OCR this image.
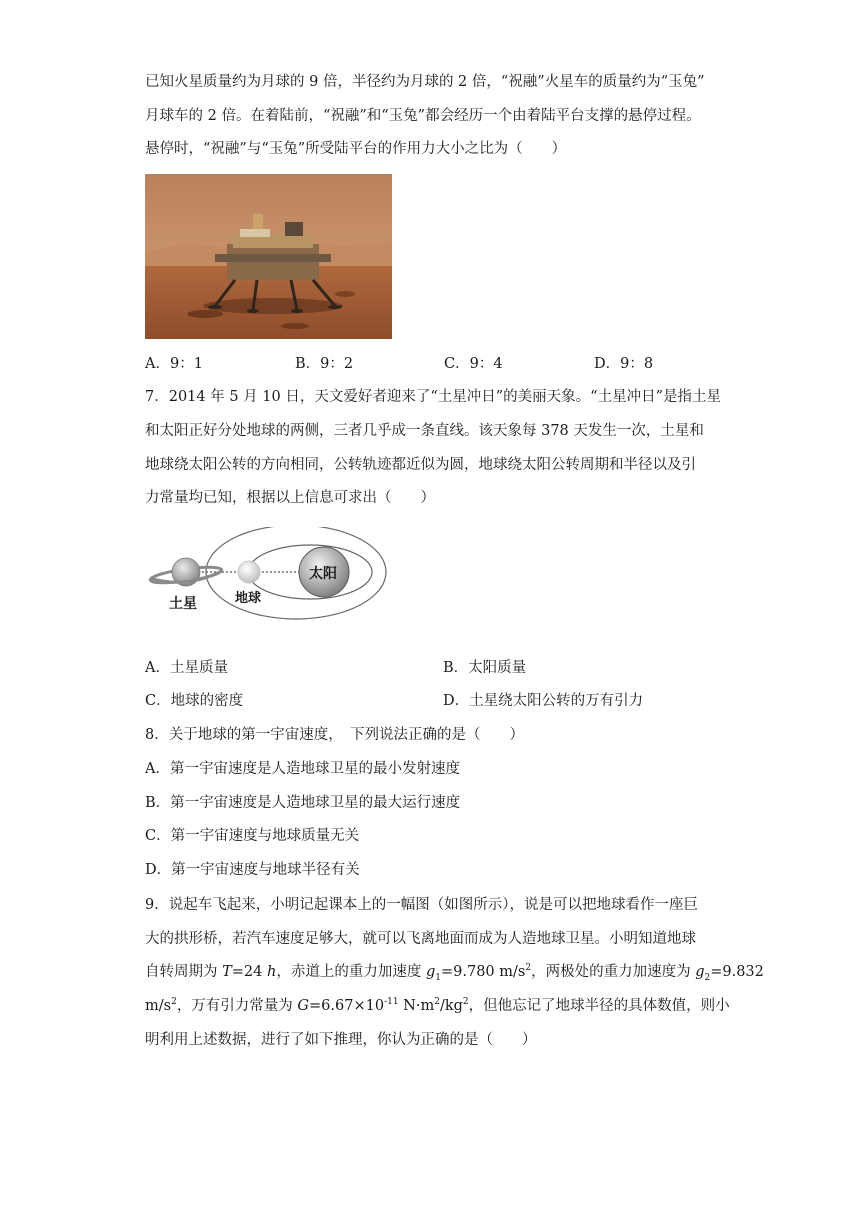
已知火星质量约为月球的 9 倍，半径约为月球的 2 倍，“祝融”火星车的质量约为“玉兔”
月球车的 2 倍。在着陆前，“祝融”和“玉兔”都会经历一个由着陆平台支撑的悬停过程。
悬停时，“祝融”与“玉兔”所受陆平台的作用力大小之比为（　　）
A．9：1	B．9：2	C．9：4	D．9：8
7．2014 年 5 月 10 日，天文爱好者迎来了“土星冲日”的美丽天象。“土星冲日”是指土星
和太阳正好分处地球的两侧，三者几乎成一条直线。该天象每 378 天发生一次，土星和
地球绕太阳公转的方向相同，公转轨迹都近似为圆，地球绕太阳公转周期和半径以及引
力常量均已知，根据以上信息可求出（　　）
土星	地球
太阳
A．土星质量	B．太阳质量
C．地球的密度	D．土星绕太阳公转的万有引力
8．关于地球的第一宇宙速度，　下列说法正确的是（　　）
A．第一宇宙速度是人造地球卫星的最小发射速度
B．第一宇宙速度是人造地球卫星的最大运行速度
C．第一宇宙速度与地球质量无关
D．第一宇宙速度与地球半径有关
9．说起车飞起来，小明记起课本上的一幅图（如图所示），说是可以把地球看作一座巨
大的拱形桥，若汽车速度足够大，就可以飞离地面而成为人造地球卫星。小明知道地球
自转周期为 T=24 h，赤道上的重力加速度 $g_1=9.780$ $m/s^2$，两极处的重力加速度为 $g_2=9.832$
$m/s^2$，万有引力常量为 $G=6.67\times 10^{-11}$ $N\cdot m^2/kg^2$，但他忘记了地球半径的具体数值，则小
明利用上述数据，进行了如下推理，你认为正确的是（　　）
